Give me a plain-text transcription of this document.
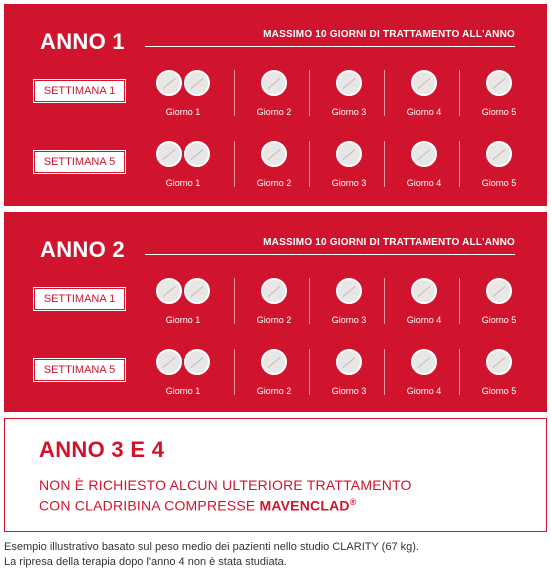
ANNO 1	MASSIMO 10 GIORNI DI TRATTAMENTO ALL'ANNO
SETTIMANA 1
Giorno 1	Giorno 2	Giorno 3	Giorno 4	Giorno 5
SETTIMANA 5
Giorno 1	Giorno 2	Giorno 3	Giorno 4	Giorno 5
ANNO 2	MASSIMO 10 GIORNI DI TRATTAMENTO ALL'ANNO
SETTIMANA 1
Giorno 1	Giorno 2	Giorno 3	Giorno 4	Giorno 5
SETTIMANA 5
Giorno 1	Giorno 2	Giorno 3	Giorno 4	Giorno 5
ANNO 3 E 4
NON È RICHIESTO ALCUN ULTERIORE TRATTAMENTO
CON CLADRIBINA COMPRESSE MAVENCLAD®
Esempio illustrativo basato sul peso medio dei pazienti nello studio CLARITY (67 kg).
La ripresa della terapia dopo l'anno 4 non è stata studiata.
